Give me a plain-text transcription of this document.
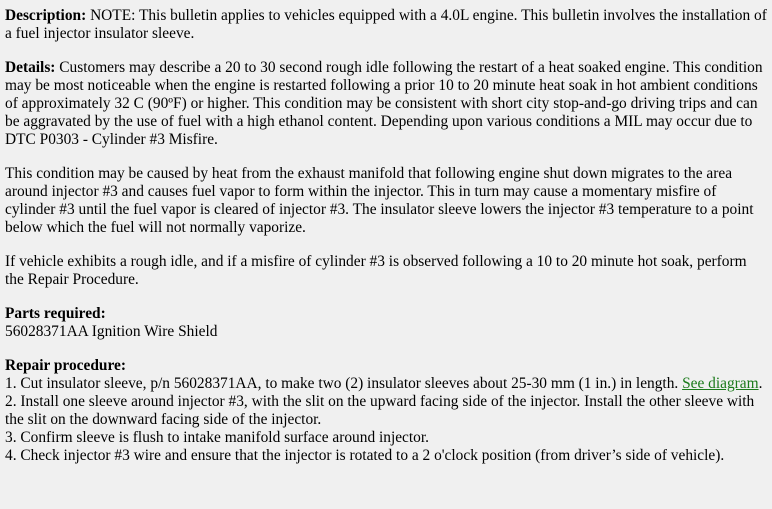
Description: NOTE: This bulletin applies to vehicles equipped with a 4.0L engine. This bulletin involves the installation of a fuel injector insulator sleeve.

Details: Customers may describe a 20 to 30 second rough idle following the restart of a heat soaked engine. This condition may be most noticeable when the engine is restarted following a prior 10 to 20 minute heat soak in hot ambient conditions of approximately 32 C (90ºF) or higher. This condition may be consistent with short city stop-and-go driving trips and can be aggravated by the use of fuel with a high ethanol content. Depending upon various conditions a MIL may occur due to DTC P0303 - Cylinder #3 Misfire.

This condition may be caused by heat from the exhaust manifold that following engine shut down migrates to the area around injector #3 and causes fuel vapor to form within the injector. This in turn may cause a momentary misfire of cylinder #3 until the fuel vapor is cleared of injector #3. The insulator sleeve lowers the injector #3 temperature to a point below which the fuel will not normally vaporize.

If vehicle exhibits a rough idle, and if a misfire of cylinder #3 is observed following a 10 to 20 minute hot soak, perform the Repair Procedure.

Parts required:
56028371AA Ignition Wire Shield
Repair procedure:
1. Cut insulator sleeve, p/n 56028371AA, to make two (2) insulator sleeves about 25-30 mm (1 in.) in length. See diagram.
2. Install one sleeve around injector #3, with the slit on the upward facing side of the injector. Install the other sleeve with the slit on the downward facing side of the injector.
3. Confirm sleeve is flush to intake manifold surface around injector.
4. Check injector #3 wire and ensure that the injector is rotated to a 2 o'clock position (from driver’s side of vehicle).
